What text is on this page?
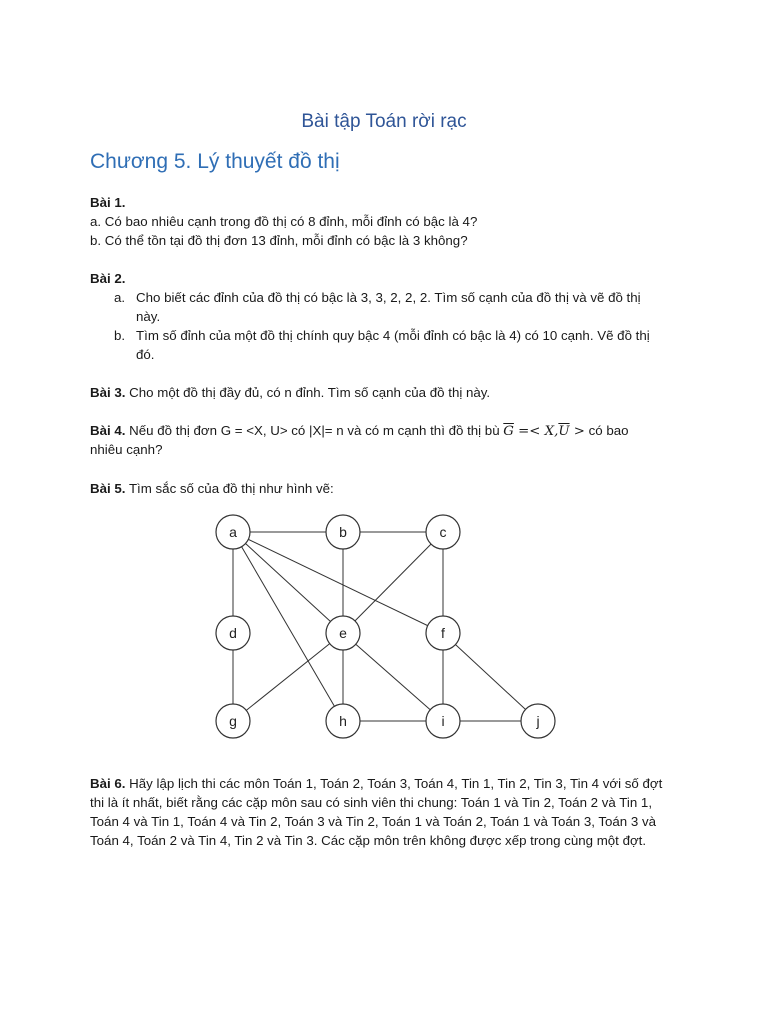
Bài tập Toán rời rạc
Chương 5. Lý thuyết đồ thị
Bài 1.
a. Có bao nhiêu cạnh trong đồ thị có 8 đỉnh, mỗi đỉnh có bậc là 4?
b. Có thể tồn tại đồ thị đơn 13 đỉnh, mỗi đỉnh có bậc là 3 không?
Bài 2.
a. Cho biết các đỉnh của đồ thị có bậc là 3, 3, 2, 2, 2. Tìm số cạnh của đồ thị và vẽ đồ thị
này.
b. Tìm số đỉnh của một đồ thị chính quy bậc 4 (mỗi đỉnh có bậc là 4) có 10 cạnh. Vẽ đồ thị
đó.
Bài 3. Cho một đồ thị đầy đủ, có n đỉnh. Tìm số cạnh của đồ thị này.
Bài 4. Nếu đồ thị đơn G = <X, U> có |X|= n và có m cạnh thì đồ thị bù $\overline{G} =< X,\overline{U}$ > có bao
nhiêu cạnh?
Bài 5. Tìm sắc số của đồ thị như hình vẽ:
a	b	c
d	e	f
g	h	i	j
Bài 6. Hãy lập lịch thi các môn Toán 1, Toán 2, Toán 3, Toán 4, Tin 1, Tin 2, Tin 3, Tin 4 với số đợt
thi là ít nhất, biết rằng các cặp môn sau có sinh viên thi chung: Toán 1 và Tin 2, Toán 2 và Tin 1,
Toán 4 và Tin 1, Toán 4 và Tin 2, Toán 3 và Tin 2, Toán 1 và Toán 2, Toán 1 và Toán 3, Toán 3 và
Toán 4, Toán 2 và Tin 4, Tin 2 và Tin 3. Các cặp môn trên không được xếp trong cùng một đợt.
